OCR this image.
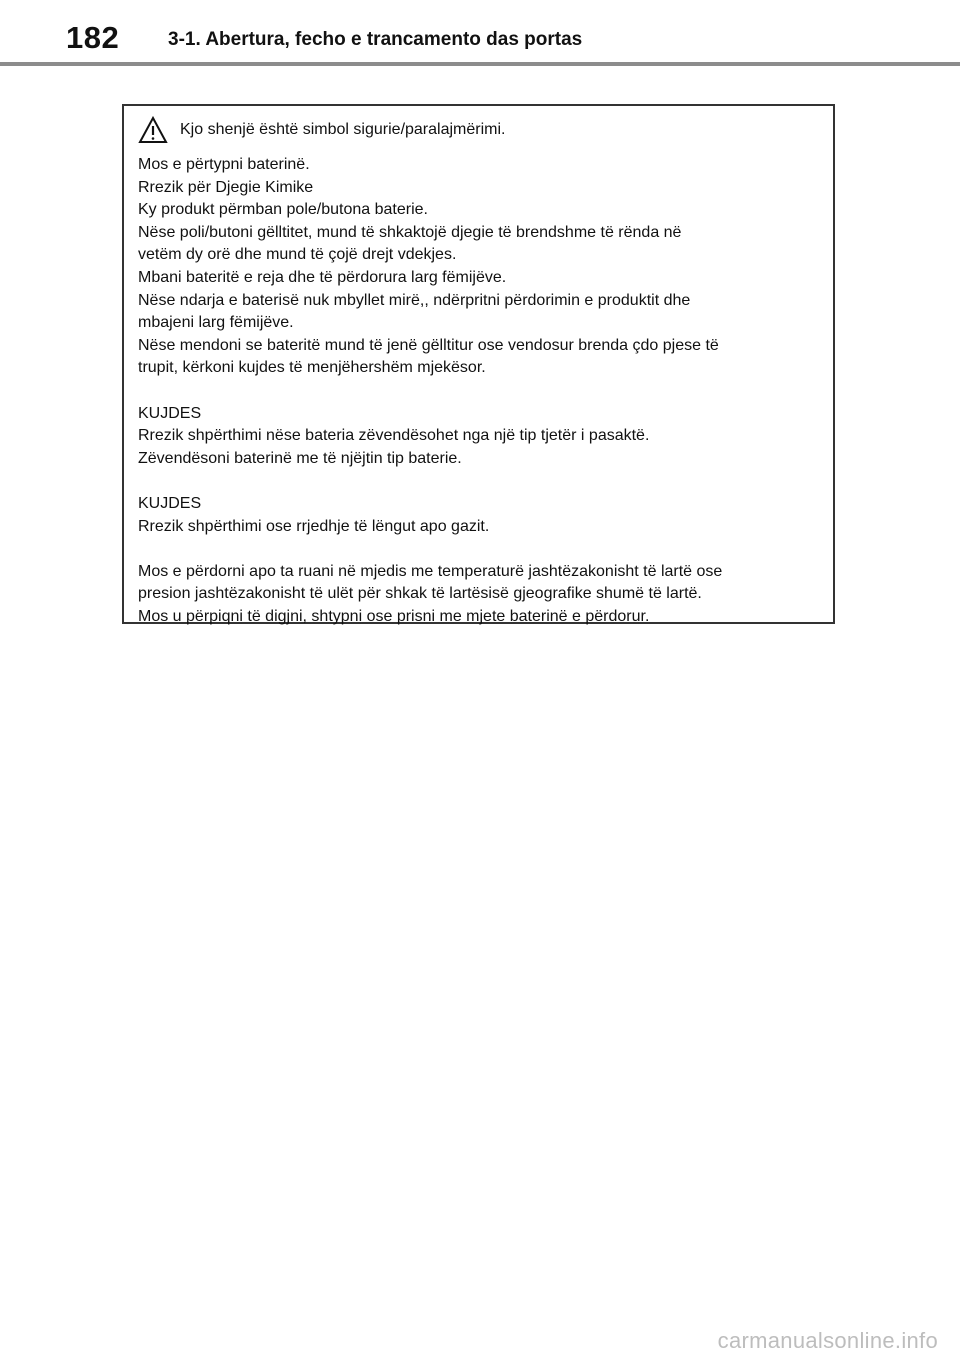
182	3-1. Abertura, fecho e trancamento das portas
Kjo shenjë është simbol sigurie/paralajmërimi.
Mos e përtypni baterinë.
Rrezik për Djegie Kimike
Ky produkt përmban pole/butona baterie.
Nëse poli/butoni gëlltitet, mund të shkaktojë djegie të brendshme të rënda në
vetëm dy orë dhe mund të çojë drejt vdekjes.
Mbani bateritë e reja dhe të përdorura larg fëmijëve.
Nëse ndarja e baterisë nuk mbyllet mirë,, ndërpritni përdorimin e produktit dhe
mbajeni larg fëmijëve.
Nëse mendoni se bateritë mund të jenë gëlltitur ose vendosur brenda çdo pjese të
trupit, kërkoni kujdes të menjëhershëm mjekësor.
KUJDES
Rrezik shpërthimi nëse bateria zëvendësohet nga një tip tjetër i pasaktë.
Zëvendësoni baterinë me të njëjtin tip baterie.
KUJDES
Rrezik shpërthimi ose rrjedhje të lëngut apo gazit.
Mos e përdorni apo ta ruani në mjedis me temperaturë jashtëzakonisht të lartë ose
presion jashtëzakonisht të ulët për shkak të lartësisë gjeografike shumë të lartë.
Mos u përpiqni të digjni, shtypni ose prisni me mjete baterinë e përdorur.
carmanualsonline.info
